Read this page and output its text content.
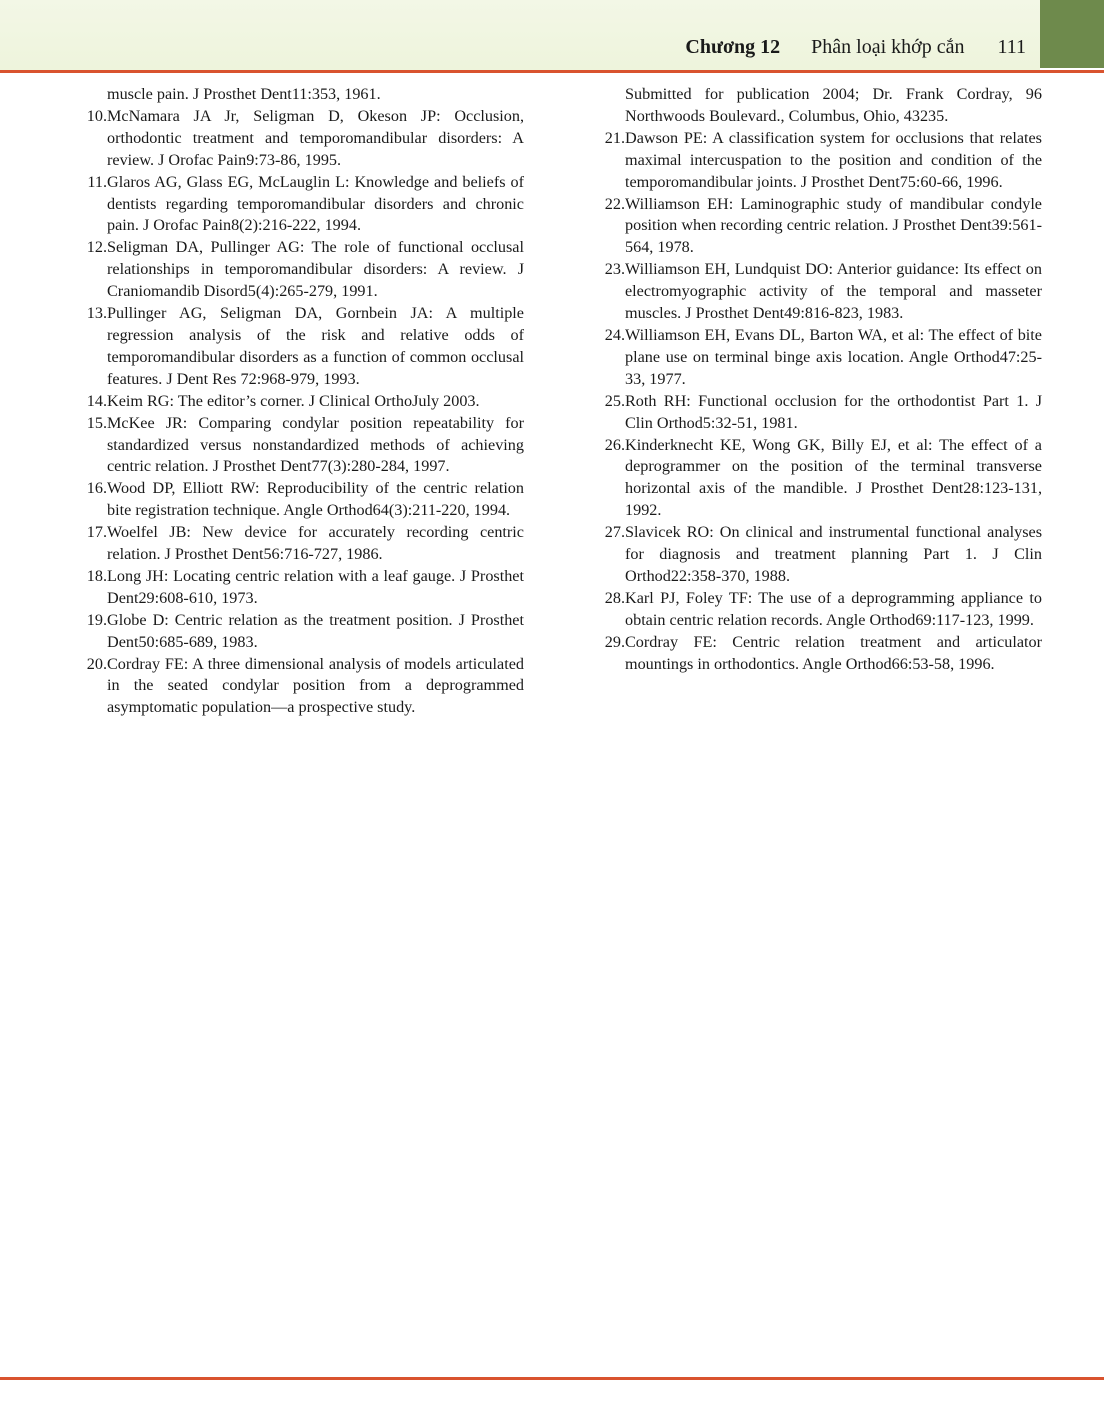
Chương 12 Phân loại khớp cắn 111
muscle pain. J Prosthet Dent11:353, 1961.
10. McNamara JA Jr, Seligman D, Okeson JP: Occlusion, orthodontic treatment and temporomandibular disorders: A review. J Orofac Pain9:73-86, 1995.
11. Glaros AG, Glass EG, McLauglin L: Knowledge and beliefs of dentists regarding temporomandibular disorders and chronic pain. J Orofac Pain8(2):216-222, 1994.
12. Seligman DA, Pullinger AG: The role of functional occlusal relationships in temporomandibular disorders: A review. J Craniomandib Disord5(4):265-279, 1991.
13. Pullinger AG, Seligman DA, Gornbein JA: A multiple regression analysis of the risk and relative odds of temporomandibular disorders as a function of common occlusal features. J Dent Res 72:968-979, 1993.
14. Keim RG: The editor’s corner. J Clinical OrthoJuly 2003.
15. McKee JR: Comparing condylar position repeatability for standardized versus nonstandardized methods of achieving centric relation. J Prosthet Dent77(3):280-284, 1997.
16. Wood DP, Elliott RW: Reproducibility of the centric relation bite registration technique. Angle Orthod64(3):211-220, 1994.
17. Woelfel JB: New device for accurately recording centric relation. J Prosthet Dent56:716-727, 1986.
18. Long JH: Locating centric relation with a leaf gauge. J Prosthet Dent29:608-610, 1973.
19. Globe D: Centric relation as the treatment position. J Prosthet Dent50:685-689, 1983.
20. Cordray FE: A three dimensional analysis of models articulated in the seated condylar position from a deprogrammed asymptomatic population—a prospective study.
Submitted for publication 2004; Dr. Frank Cordray, 96 Northwoods Boulevard., Columbus, Ohio, 43235.
21. Dawson PE: A classification system for occlusions that relates maximal intercuspation to the position and condition of the temporomandibular joints. J Prosthet Dent75:60-66, 1996.
22. Williamson EH: Laminographic study of mandibular condyle position when recording centric relation. J Prosthet Dent39:561-564, 1978.
23. Williamson EH, Lundquist DO: Anterior guidance: Its effect on electromyographic activity of the temporal and masseter muscles. J Prosthet Dent49:816-823, 1983.
24. Williamson EH, Evans DL, Barton WA, et al: The effect of bite plane use on terminal binge axis location. Angle Orthod47:25-33, 1977.
25. Roth RH: Functional occlusion for the orthodontist Part 1. J Clin Orthod5:32-51, 1981.
26. Kinderknecht KE, Wong GK, Billy EJ, et al: The effect of a deprogrammer on the position of the terminal transverse horizontal axis of the mandible. J Prosthet Dent28:123-131, 1992.
27. Slavicek RO: On clinical and instrumental functional analyses for diagnosis and treatment planning Part 1. J Clin Orthod22:358-370, 1988.
28. Karl PJ, Foley TF: The use of a deprogramming appliance to obtain centric relation records. Angle Orthod69:117-123, 1999.
29. Cordray FE: Centric relation treatment and articulator mountings in orthodontics. Angle Orthod66:53-58, 1996.
